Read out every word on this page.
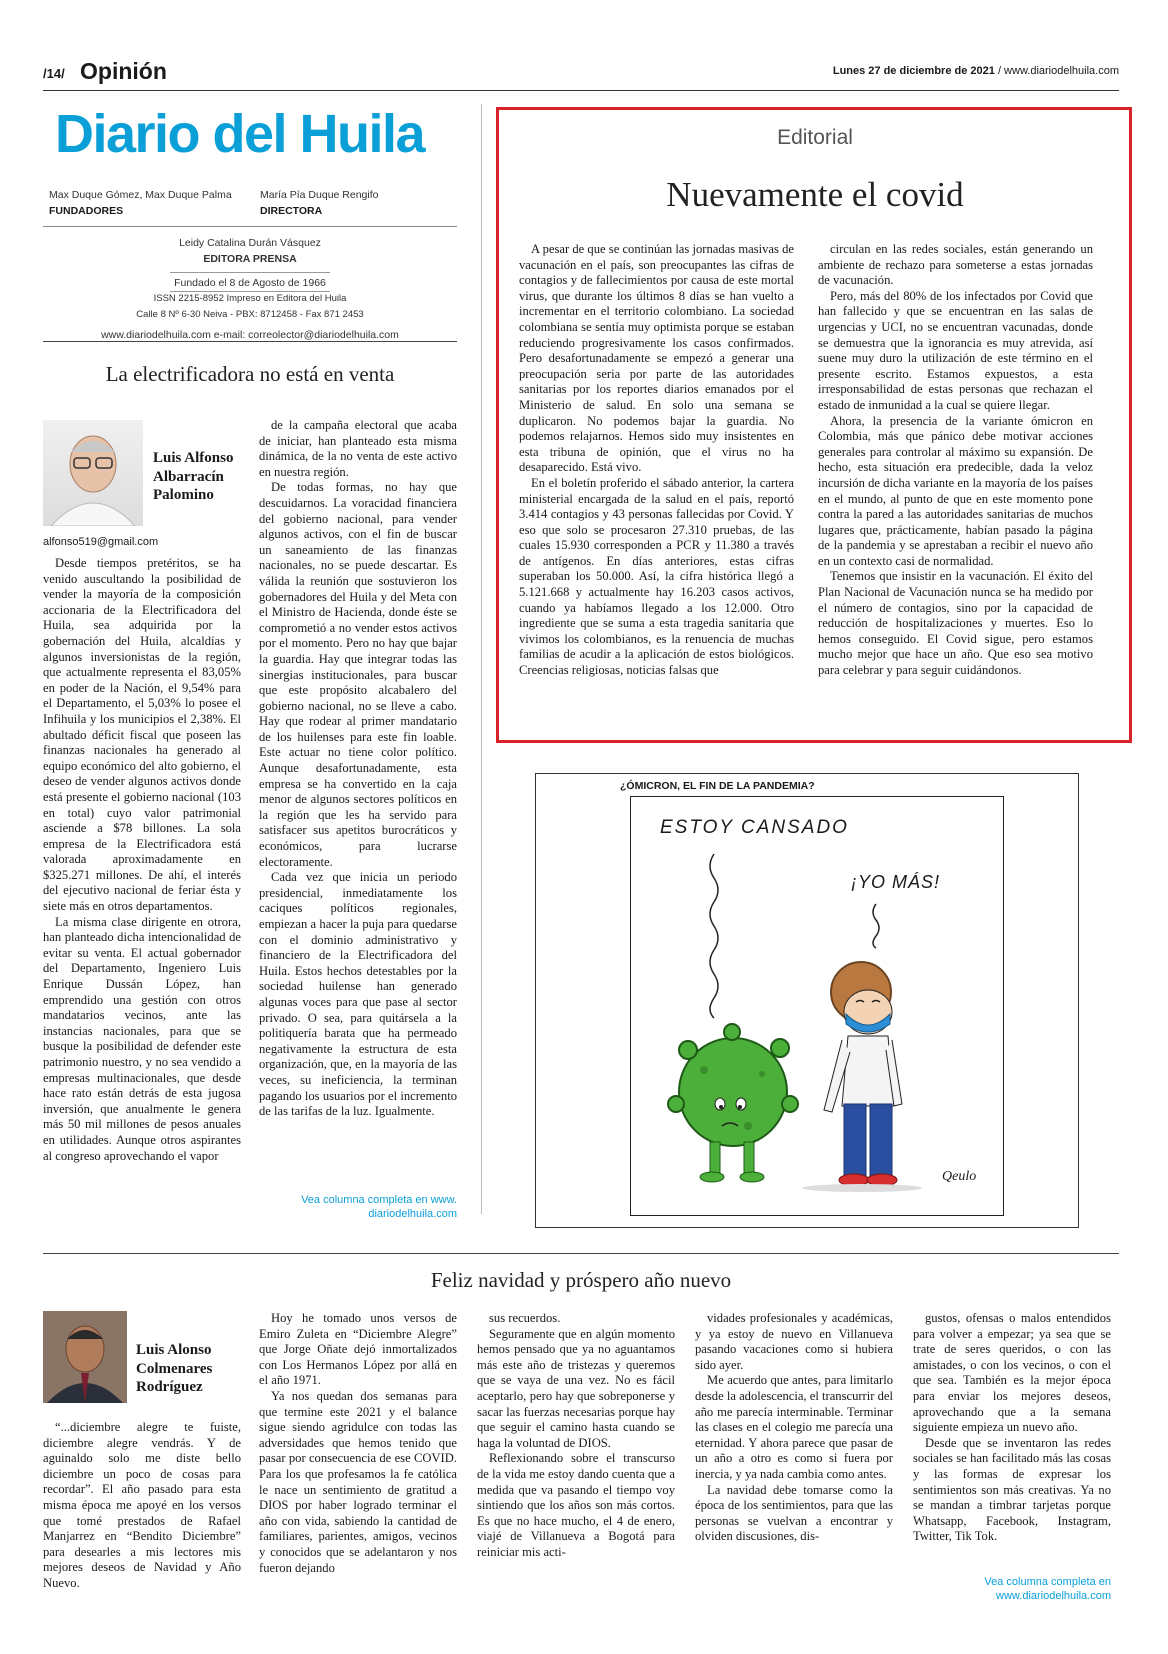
/14/ Opinión	Lunes 27 de diciembre de 2021 / www.diariodelhuila.com
Diario del Huila
Max Duque Gómez, Max Duque Palma
FUNDADORES
María Pía Duque Rengifo
DIRECTORA
Leidy Catalina Durán Vásquez
EDITORA PRENSA
Fundado el 8 de Agosto de 1966
ISSN 2215-8952 Impreso en Editora del Huila
Calle 8 Nº 6-30 Neiva - PBX: 8712458 - Fax 871 2453
www.diariodelhuila.com e-mail: correolector@diariodelhuila.com
Editorial
Nuevamente el covid

A pesar de que se continúan las jornadas masivas de vacunación en el país, son preocupantes las cifras de contagios y de fallecimientos por causa de este mortal virus, que durante los últimos 8 días se han vuelto a incrementar en el territorio colombiano. La sociedad colombiana se sentía muy optimista porque se estaban reduciendo progresivamente los casos confirmados. Pero desafortunadamente se empezó a generar una preocupación seria por parte de las autoridades sanitarias por los reportes diarios emanados por el Ministerio de salud. En solo una semana se duplicaron. No podemos bajar la guardia. No podemos relajarnos. Hemos sido muy insistentes en esta tribuna de opinión, que el virus no ha desaparecido. Está vivo.

En el boletín proferido el sábado anterior, la cartera ministerial encargada de la salud en el país, reportó 3.414 contagios y 43 personas fallecidas por Covid. Y eso que solo se procesaron 27.310 pruebas, de las cuales 15.930 corresponden a PCR y 11.380 a través de antígenos. En días anteriores, estas cifras superaban los 50.000. Así, la cifra histórica llegó a 5.121.668 y actualmente hay 16.203 casos activos, cuando ya habíamos llegado a los 12.000. Otro ingrediente que se suma a esta tragedia sanitaria que vivimos los colombianos, es la renuencia de muchas familias de acudir a la aplicación de estos biológicos. Creencias religiosas, noticias falsas que

circulan en las redes sociales, están generando un ambiente de rechazo para someterse a estas jornadas de vacunación.

Pero, más del 80% de los infectados por Covid que han fallecido y que se encuentran en las salas de urgencias y UCI, no se encuentran vacunadas, donde se demuestra que la ignorancia es muy atrevida, así suene muy duro la utilización de este término en el presente escrito. Estamos expuestos, a esta irresponsabilidad de estas personas que rechazan el estado de inmunidad a la cual se quiere llegar.

Ahora, la presencia de la variante ómicron en Colombia, más que pánico debe motivar acciones generales para controlar al máximo su expansión. De hecho, esta situación era predecible, dada la veloz incursión de dicha variante en la mayoría de los países en el mundo, al punto de que en este momento pone contra la pared a las autoridades sanitarias de muchos lugares que, prácticamente, habían pasado la página de la pandemia y se aprestaban a recibir el nuevo año en un contexto casi de normalidad.

Tenemos que insistir en la vacunación. El éxito del Plan Nacional de Vacunación nunca se ha medido por el número de contagios, sino por la capacidad de reducción de hospitalizaciones y muertes. Eso lo hemos conseguido. El Covid sigue, pero estamos mucho mejor que hace un año. Que eso sea motivo para celebrar y para seguir cuidándonos.

¿ÓMICRON, EL FIN DE LA PANDEMIA?
ESTOY CANSADO
¡YO MÁS!
Qeulo
La electrificadora no está en venta
Luis Alfonso Albarracín Palomino
alfonso519@gmail.com

Desde tiempos pretéritos, se ha venido auscultando la posibilidad de vender la mayoría de la composición accionaria de la Electrificadora del Huila, sea adquirida por la gobernación del Huila, alcaldías y algunos inversionistas de la región, que actualmente representa el 83,05% en poder de la Nación, el 9,54% para el Departamento, el 5,03% lo posee el Infihuila y los municipios el 2,38%. El abultado déficit fiscal que poseen las finanzas nacionales ha generado al equipo económico del alto gobierno, el deseo de vender algunos activos donde está presente el gobierno nacional (103 en total) cuyo valor patrimonial asciende a $78 billones. La sola empresa de la Electrificadora está valorada aproximadamente en $325.271 millones. De ahí, el interés del ejecutivo nacional de feriar ésta y siete más en otros departamentos.

La misma clase dirigente en otrora, han planteado dicha intencionalidad de evitar su venta. El actual gobernador del Departamento, Ingeniero Luis Enrique Dussán López, han emprendido una gestión con otros mandatarios vecinos, ante las instancias nacionales, para que se busque la posibilidad de defender este patrimonio nuestro, y no sea vendido a empresas multinacionales, que desde hace rato están detrás de esta jugosa inversión, que anualmente le genera más 50 mil millones de pesos anuales en utilidades. Aunque otros aspirantes al congreso aprovechando el vapor

de la campaña electoral que acaba de iniciar, han planteado esta misma dinámica, de la no venta de este activo en nuestra región.

De todas formas, no hay que descuidarnos. La voracidad financiera del gobierno nacional, para vender algunos activos, con el fin de buscar un saneamiento de las finanzas nacionales, no se puede descartar. Es válida la reunión que sostuvieron los gobernadores del Huila y del Meta con el Ministro de Hacienda, donde éste se comprometió a no vender estos activos por el momento. Pero no hay que bajar la guardia. Hay que integrar todas las sinergias institucionales, para buscar que este propósito alcabalero del gobierno nacional, no se lleve a cabo. Hay que rodear al primer mandatario de los huilenses para este fin loable. Este actuar no tiene color político. Aunque desafortunadamente, esta empresa se ha convertido en la caja menor de algunos sectores políticos en la región que les ha servido para satisfacer sus apetitos burocráticos y económicos, para lucrarse electoramente.

Cada vez que inicia un periodo presidencial, inmediatamente los caciques políticos regionales, empiezan a hacer la puja para quedarse con el dominio administrativo y financiero de la Electrificadora del Huila. Estos hechos detestables por la sociedad huilense han generado algunas voces para que pase al sector privado. O sea, para quitársela a la politiquería barata que ha permeado negativamente la estructura de esta organización, que, en la mayoría de las veces, su ineficiencia, la terminan pagando los usuarios por el incremento de las tarifas de la luz. Igualmente.

Vea columna completa en www.
diariodelhuila.com
Feliz navidad y próspero año nuevo
Luis Alonso Colmenares Rodríguez

“...diciembre alegre te fuiste, diciembre alegre vendrás. Y de aguinaldo solo me diste bello diciembre un poco de cosas para recordar”. El año pasado para esta misma época me apoyé en los versos que tomé prestados de Rafael Manjarrez en “Bendito Diciembre” para desearles a mis lectores mis mejores deseos de Navidad y Año Nuevo.

Hoy he tomado unos versos de Emiro Zuleta en “Diciembre Alegre” que Jorge Oñate dejó inmortalizados con Los Hermanos López por allá en el año 1971.

Ya nos quedan dos semanas para que termine este 2021 y el balance sigue siendo agridulce con todas las adversidades que hemos tenido que pasar por consecuencia de ese COVID. Para los que profesamos la fe católica le nace un sentimiento de gratitud a DIOS por haber logrado terminar el año con vida, sabiendo la cantidad de familiares, parientes, amigos, vecinos y conocidos que se adelantaron y nos fueron dejando

sus recuerdos.

Seguramente que en algún momento hemos pensado que ya no aguantamos más este año de tristezas y queremos que se vaya de una vez. No es fácil aceptarlo, pero hay que sobreponerse y sacar las fuerzas necesarias porque hay que seguir el camino hasta cuando se haga la voluntad de DIOS.

Reflexionando sobre el transcurso de la vida me estoy dando cuenta que a medida que va pasando el tiempo voy sintiendo que los años son más cortos. Es que no hace mucho, el 4 de enero, viajé de Villanueva a Bogotá para reiniciar mis acti-

vidades profesionales y académicas, y ya estoy de nuevo en Villanueva pasando vacaciones como si hubiera sido ayer.

Me acuerdo que antes, para limitarlo desde la adolescencia, el transcurrir del año me parecía interminable. Terminar las clases en el colegio me parecía una eternidad. Y ahora parece que pasar de un año a otro es como si fuera por inercia, y ya nada cambia como antes.

La navidad debe tomarse como la época de los sentimientos, para que las personas se vuelvan a encontrar y olviden discusiones, dis-

gustos, ofensas o malos entendidos para volver a empezar; ya sea que se trate de seres queridos, o con las amistades, o con los vecinos, o con el que sea. También es la mejor época para enviar los mejores deseos, aprovechando que a la semana siguiente empieza un nuevo año.

Desde que se inventaron las redes sociales se han facilitado más las cosas y las formas de expresar los sentimientos son más creativas. Ya no se mandan a timbrar tarjetas porque Whatsapp, Facebook, Instagram, Twitter, Tik Tok.

Vea columna completa en
www.diariodelhuila.com
